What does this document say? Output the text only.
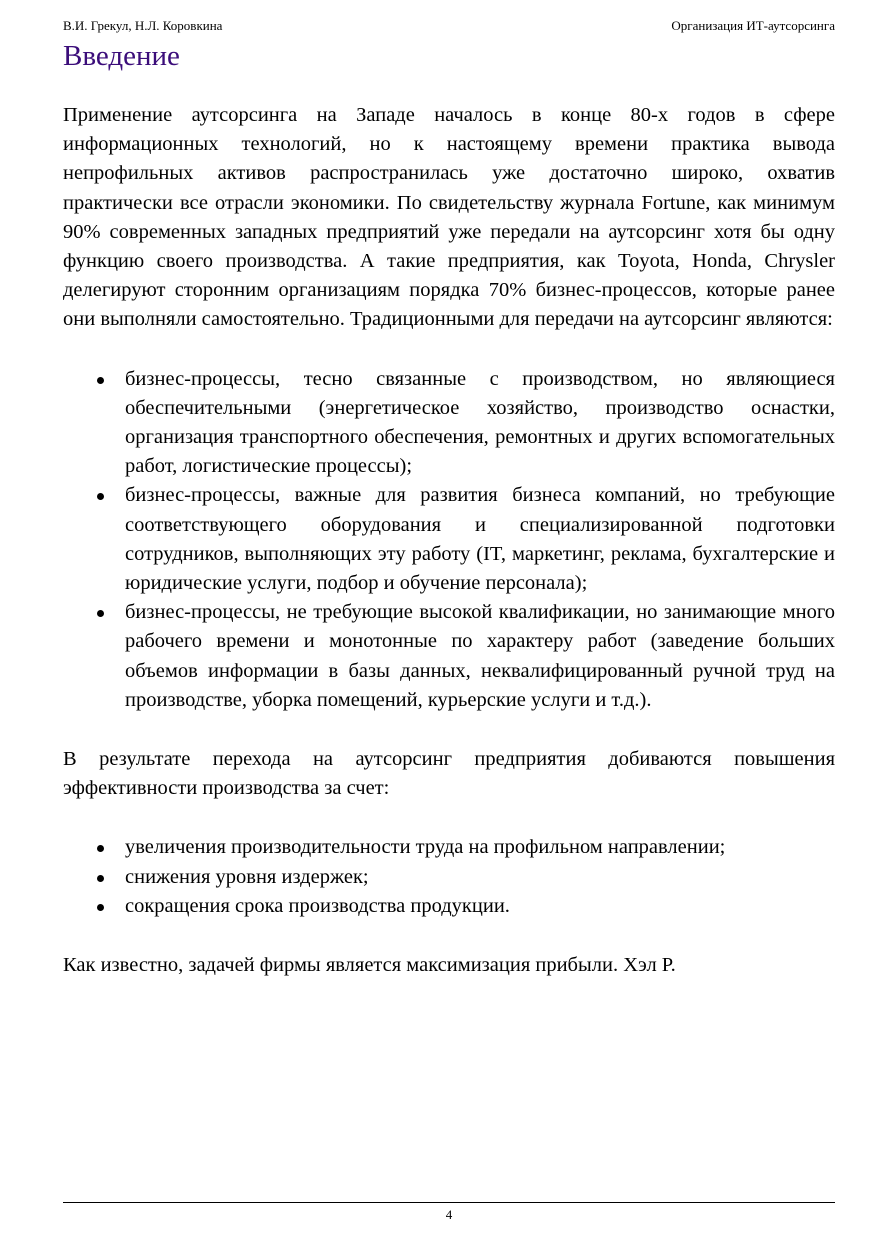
В.И. Грекул, Н.Л. Коровкина	Организация ИТ-аутсорсинга
Введение

Применение аутсорсинга на Западе началось в конце 80-х годов в сфере информационных технологий, но к настоящему времени практика вывода непрофильных активов распространилась уже достаточно широко, охватив практически все отрасли экономики. По свидетельству журнала Fortune, как минимум 90% современных западных предприятий уже передали на аутсорсинг хотя бы одну функцию своего производства. А такие предприятия, как Toyota, Honda, Chrysler делегируют сторонним организациям порядка 70% бизнес-процессов, которые ранее они выполняли самостоятельно. Традиционными для передачи на аутсорсинг являются:

бизнес-процессы, тесно связанные с производством, но являющиеся обеспечительными (энергетическое хозяйство, производство оснастки, организация транспортного обеспечения, ремонтных и других вспомогательных работ, логистические процессы);
бизнес-процессы, важные для развития бизнеса компаний, но требующие соответствующего оборудования и специализированной подготовки сотрудников, выполняющих эту работу (IT, маркетинг, реклама, бухгалтерские и юридические услуги, подбор и обучение персонала);
бизнес-процессы, не требующие высокой квалификации, но занимающие много рабочего времени и монотонные по характеру работ (заведение больших объемов информации в базы данных, неквалифицированный ручной труд на производстве, уборка помещений, курьерские услуги и т.д.).

В результате перехода на аутсорсинг предприятия добиваются повышения эффективности производства за счет:

увеличения производительности труда на профильном направлении;
снижения уровня издержек;
сокращения срока производства продукции.

Как известно, задачей фирмы является максимизация прибыли. Хэл Р.

4
